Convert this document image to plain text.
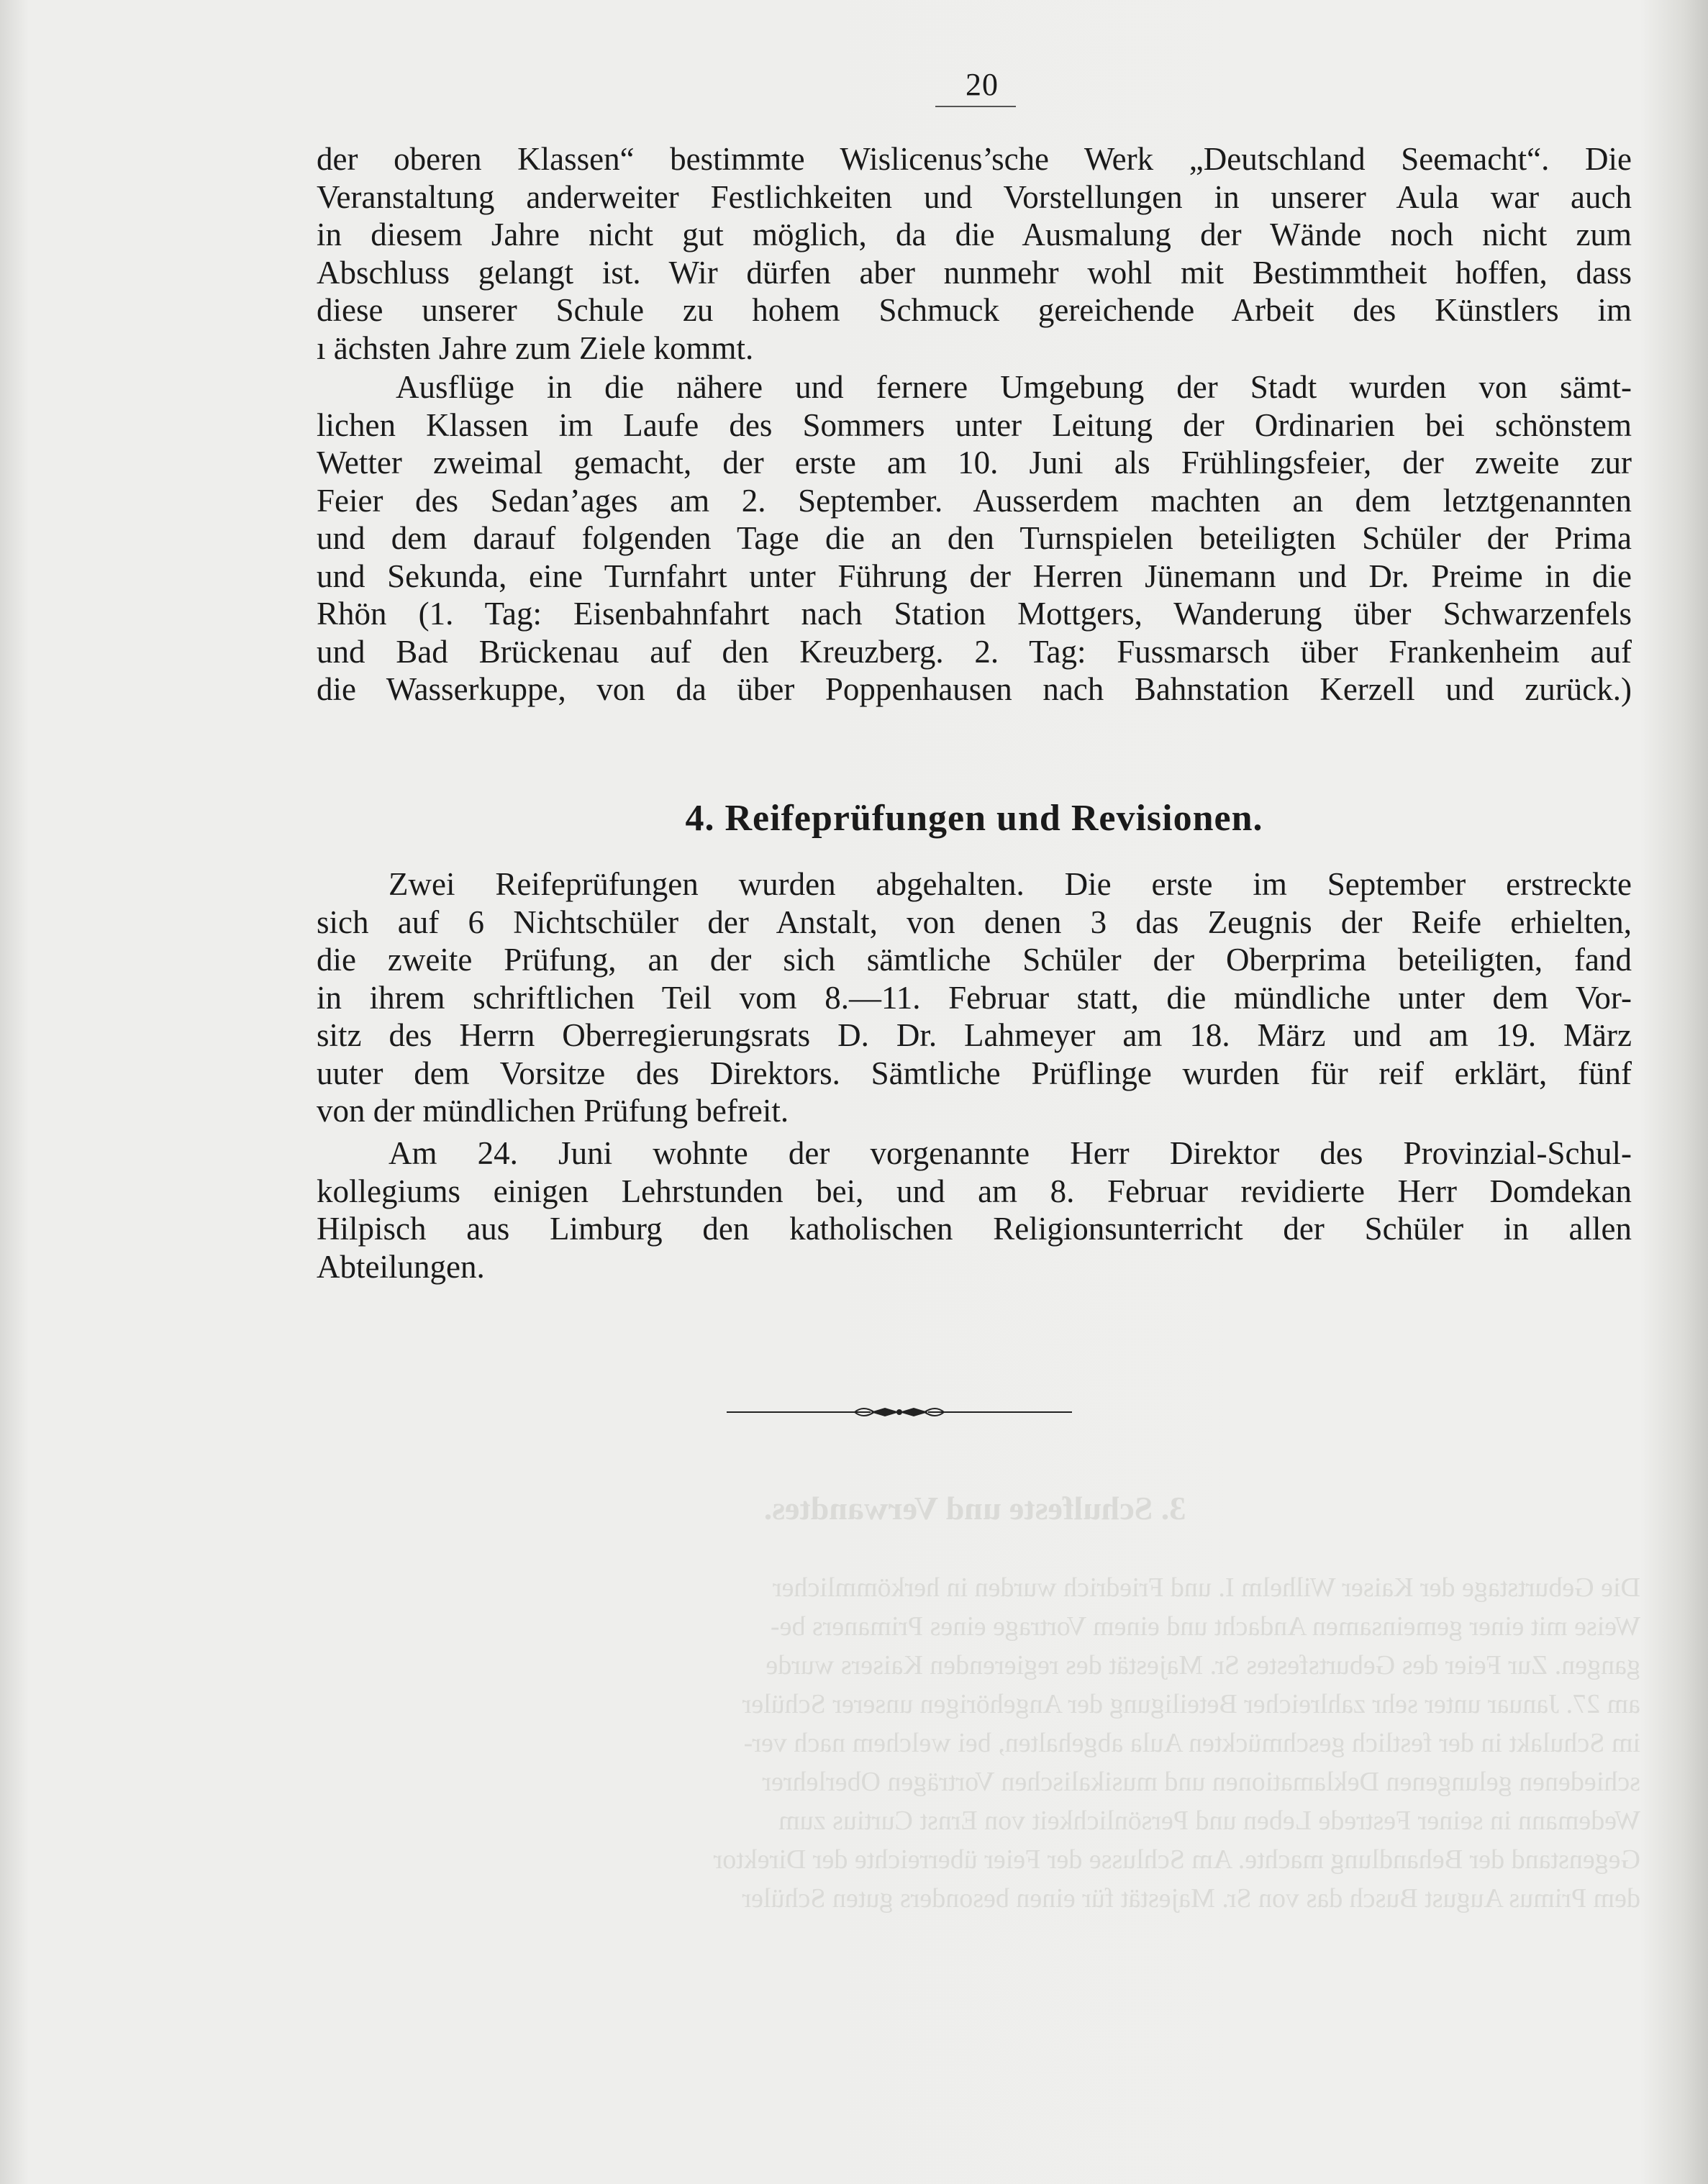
3. Schulfeste und Verwandtes.
Die Geburtstage der Kaiser Wilhelm I. und Friedrich wurden in herkömmlicher
Weise mit einer gemeinsamen Andacht und einem Vortrage eines Primaners be-
gangen. Zur Feier des Geburtsfestes Sr. Majestät des regierenden Kaisers wurde
am 27. Januar unter sehr zahlreicher Beteiligung der Angehörigen unserer Schüler
im Schulakt in der festlich geschmückten Aula abgehalten, bei welchem nach ver-
schiedenen gelungenen Deklamationen und musikalischen Vorträgen Oberlehrer
Wedemann in seiner Festrede Leben und Persönlichkeit von Ernst Curtius zum
Gegenstand der Behandlung machte. Am Schlusse der Feier überreichte der Direktor
dem Primus August Busch das von Sr. Majestät für einen besonders guten Schüler
20

der oberen Klassen“ bestimmte Wislicenus’sche Werk „Deutschland Seemacht“. Die
Veranstaltung anderweiter Festlichkeiten und Vorstellungen in unserer Aula war auch
in diesem Jahre nicht gut möglich, da die Ausmalung der Wände noch nicht zum
Abschluss gelangt ist. Wir dürfen aber nunmehr wohl mit Bestimmtheit hoffen, dass
diese unserer Schule zu hohem Schmuck gereichende Arbeit des Künstlers im
ı ächsten Jahre zum Ziele kommt.

Ausflüge in die nähere und fernere Umgebung der Stadt wurden von sämt-
lichen Klassen im Laufe des Sommers unter Leitung der Ordinarien bei schönstem
Wetter zweimal gemacht, der erste am 10. Juni als Frühlingsfeier, der zweite zur
Feier des Sedan’ages am 2. September. Ausserdem machten an dem letztgenannten
und dem darauf folgenden Tage die an den Turnspielen beteiligten Schüler der Prima
und Sekunda, eine Turnfahrt unter Führung der Herren Jünemann und Dr. Preime in die
Rhön (1. Tag: Eisenbahnfahrt nach Station Mottgers, Wanderung über Schwarzenfels
und Bad Brückenau auf den Kreuzberg. 2. Tag: Fussmarsch über Frankenheim auf
die Wasserkuppe, von da über Poppenhausen nach Bahnstation Kerzell und zurück.)

4. Reifeprüfungen und Revisionen.

Zwei Reifeprüfungen wurden abgehalten. Die erste im September erstreckte
sich auf 6 Nichtschüler der Anstalt, von denen 3 das Zeugnis der Reife erhielten,
die zweite Prüfung, an der sich sämtliche Schüler der Oberprima beteiligten, fand
in ihrem schriftlichen Teil vom 8.—11. Februar statt, die mündliche unter dem Vor-
sitz des Herrn Oberregierungsrats D. Dr. Lahmeyer am 18. März und am 19. März
uuter dem Vorsitze des Direktors. Sämtliche Prüflinge wurden für reif erklärt, fünf
von der mündlichen Prüfung befreit.

Am 24. Juni wohnte der vorgenannte Herr Direktor des Provinzial-Schul-
kollegiums einigen Lehrstunden bei, und am 8. Februar revidierte Herr Domdekan
Hilpisch aus Limburg den katholischen Religionsunterricht der Schüler in allen
Abteilungen.
